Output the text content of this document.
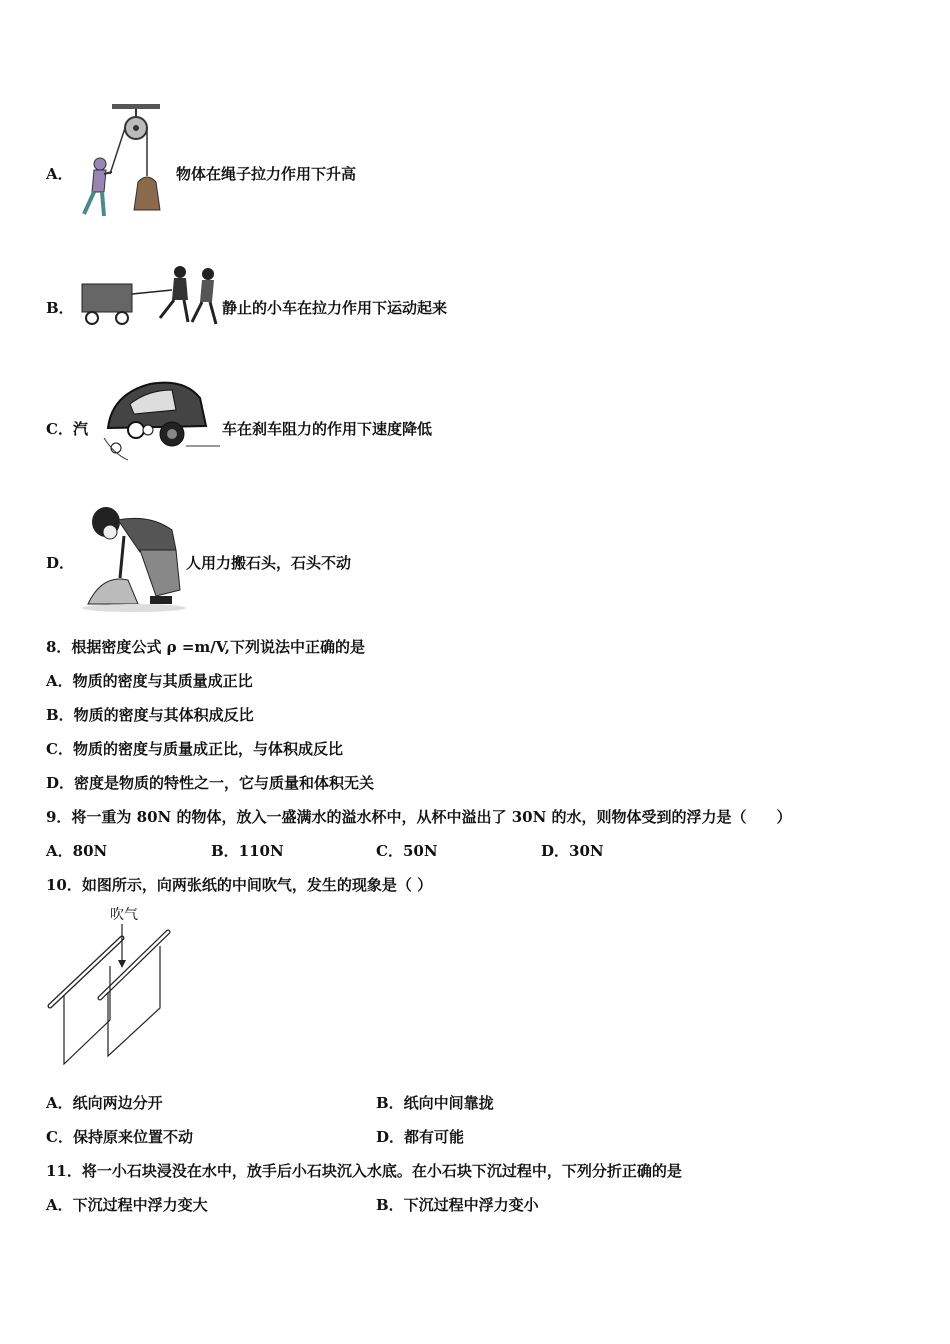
A．	物体在绳子拉力作用下升高
B．	静止的小车在拉力作用下运动起来
C．汽	车在刹车阻力的作用下速度降低
D．	人用力搬石头，石头不动
8．根据密度公式 ρ =m/V,下列说法中正确的是
A．物质的密度与其质量成正比
B．物质的密度与其体积成反比
C．物质的密度与质量成正比，与体积成反比
D．密度是物质的特性之一，它与质量和体积无关
9．将一重为 80N 的物体，放入一盛满水的溢水杯中，从杯中溢出了 30N 的水，则物体受到的浮力是（　　）
A．80N	B．110N	C．50N	D．30N
10．如图所示，向两张纸的中间吹气，发生的现象是（ ）
吹气
A．纸向两边分开	B．纸向中间靠拢
C．保持原来位置不动	D．都有可能
11．将一小石块浸没在水中，放手后小石块沉入水底。在小石块下沉过程中，下列分折正确的是
A．下沉过程中浮力变大	B．下沉过程中浮力变小
